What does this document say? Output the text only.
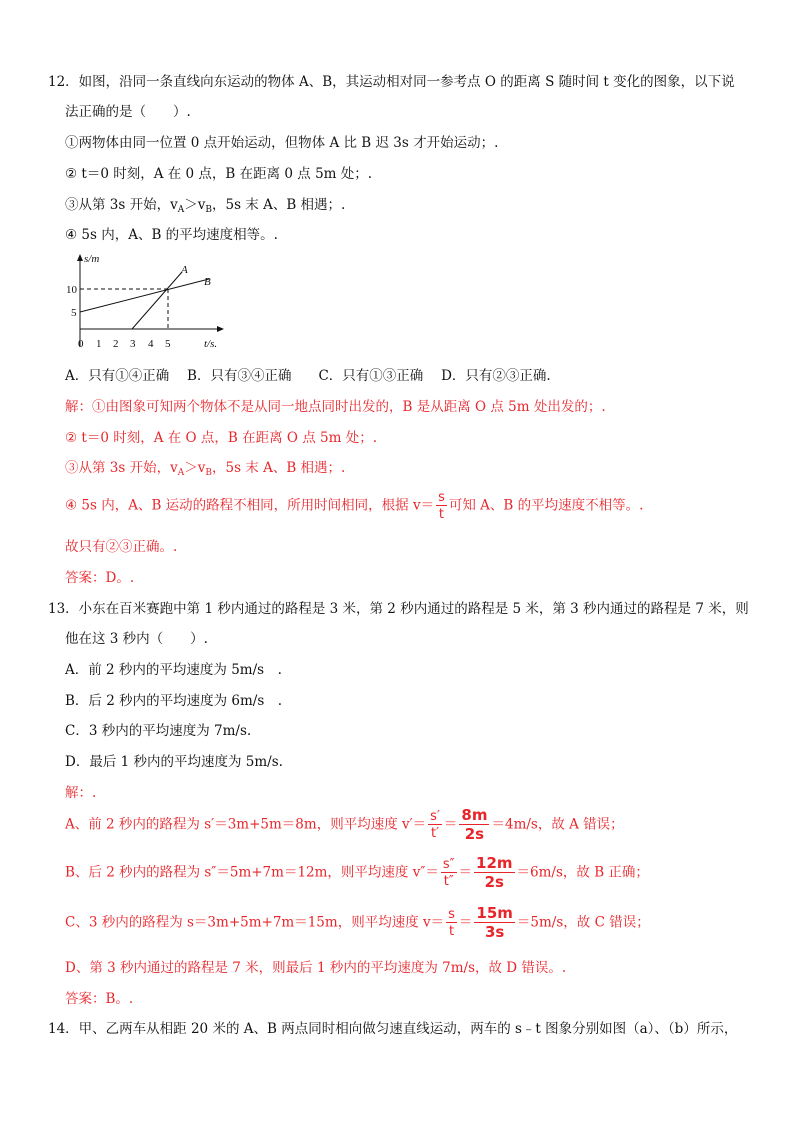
12．如图，沿同一条直线向东运动的物体 A、B，其运动相对同一参考点 O 的距离 S 随时间 t 变化的图象，以下说
法正确的是（　　）.
①两物体由同一位置 0 点开始运动，但物体 A 比 B 迟 3s 才开始运动；.
② t＝0 时刻，A 在 0 点，B 在距离 0 点 5m 处；.
③从第 3s 开始，$v_A>v_B$，5s 末 A、B 相遇；.
④ 5s 内，A、B 的平均速度相等。.
s/m
t/s.
10
5
0 1 2 3 4 5
A
B
A．只有①④正确　 B．只有③④正确　　C．只有①③正确　 D．只有②③正确.
解：①由图象可知两个物体不是从同一地点同时出发的，B 是从距离 O 点 5m 处出发的；.
② t＝0 时刻，A 在 O 点，B 在距离 O 点 5m 处；.
③从第 3s 开始，$v_A>v_B$，5s 末 A、B 相遇；.
④ 5s 内，A、B 运动的路程不相同，所用时间相同，根据 $v= \frac{s}{t}$ 可知 A、B 的平均速度不相等。.
故只有②③正确。.
答案：D。.
13．小东在百米赛跑中第 1 秒内通过的路程是 3 米，第 2 秒内通过的路程是 5 米，第 3 秒内通过的路程是 7 米，则
他在这 3 秒内（　　）.
A．前 2 秒内的平均速度为 5m/s　.
B．后 2 秒内的平均速度为 6m/s　.
C．3 秒内的平均速度为 7m/s.
D．最后 1 秒内的平均速度为 5m/s.
解：.
A、前 2 秒内的路程为 s′＝3m+5m＝8m，则平均速度 $v'= \frac{s'}{t'} = \frac{8m}{2s} =4m/s$，故 A 错误；
B、后 2 秒内的路程为 s″＝5m+7m＝12m，则平均速度 $v''= \frac{s''}{t''} = \frac{12m}{2s} =6m/s$，故 B 正确；
C、3 秒内的路程为 s＝3m+5m+7m＝15m，则平均速度 $v= \frac{s}{t} = \frac{15m}{3s} =5m/s$，故 C 错误；
D、第 3 秒内通过的路程是 7 米，则最后 1 秒内的平均速度为 7m/s，故 D 错误。.
答案：B。.
14．甲、乙两车从相距 20 米的 A、B 两点同时相向做匀速直线运动，两车的 s﹣t 图象分别如图（a）、（b）所示，
